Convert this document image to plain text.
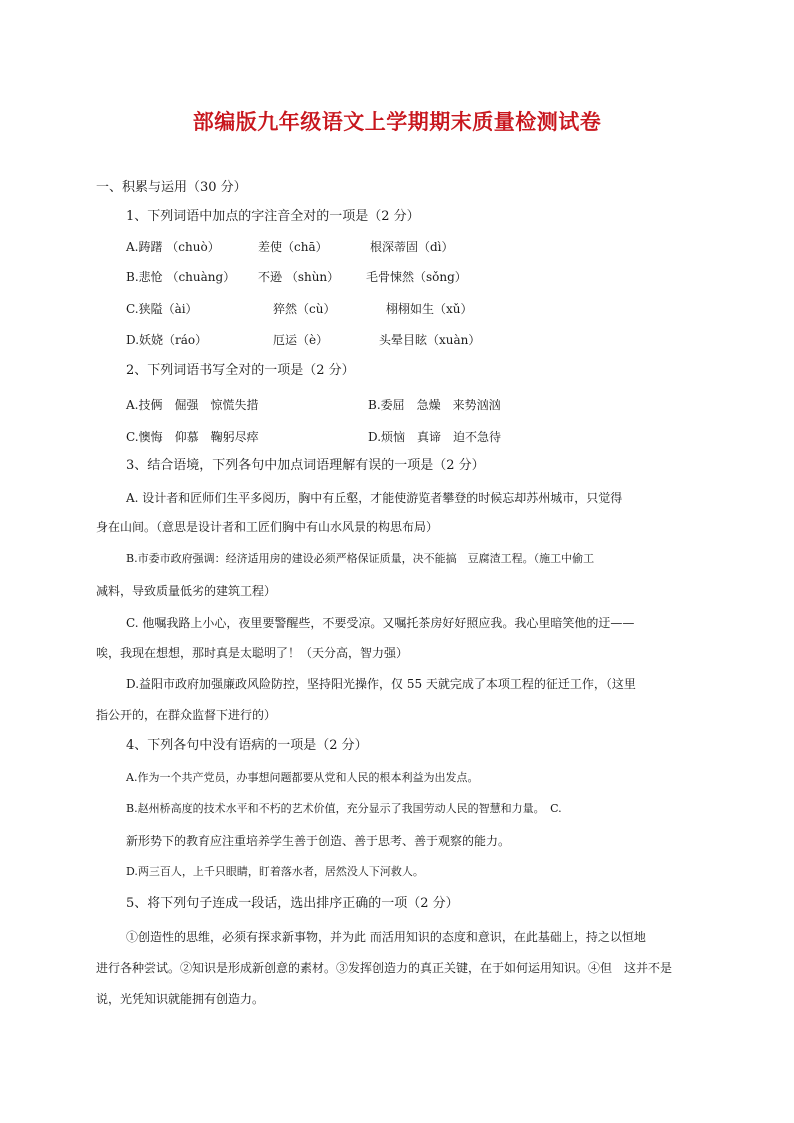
部编版九年级语文上学期期末质量检测试卷
一、积累与运用（30 分）
1、下列词语中加点的字注音全对的一项是（2 分）
A.踌躇 （chuò）	差使（chā）	根深蒂固（dì）
B.悲怆 （chuàng） 不逊 （shùn） 毛骨悚然（sǒng）
C.狭隘（ài）	猝然（cù）	栩栩如生（xǔ）
D.妖娆（ráo）	厄运（è）	头晕目眩（xuàn）
2、下列词语书写全对的一项是（2 分）
A.技俩　倔强　惊慌失措	B.委屈　急燥　来势汹汹
C.懊悔　仰慕　鞠躬尽瘁	D.烦恼　真谛　迫不急待
3、结合语境，下列各句中加点词语理解有误的一项是（2 分）
A. 设计者和匠师们生平多阅历，胸中有丘壑，才能使游览者攀登的时候忘却苏州城市，只觉得
身在山间。（意思是设计者和工匠们胸中有山水风景的构思布局）
B.市委市政府强调：经济适用房的建设必须严格保证质量，决不能搞　豆腐渣工程。（施工中偷工
减料，导致质量低劣的建筑工程）
C. 他嘱我路上小心，夜里要警醒些，不要受凉。又嘱托茶房好好照应我。我心里暗笑他的迂——
唉，我现在想想，那时真是太聪明了！（天分高，智力强）
D.益阳市政府加强廉政风险防控，坚持阳光操作，仅 55 天就完成了本项工程的征迁工作，（这里
指公开的，在群众监督下进行的）
4、下列各句中没有语病的一项是（2 分）
A.作为一个共产党员，办事想问题都要从党和人民的根本利益为出发点。
B.赵州桥高度的技术水平和不朽的艺术价值，充分显示了我国劳动人民的智慧和力量。　C.
新形势下的教育应注重培养学生善于创造、善于思考、善于观察的能力。
D.两三百人，上千只眼睛，盯着落水者，居然没人下河救人。
5、将下列句子连成一段话，选出排序正确的一项（2 分）
①创造性的思维，必须有探求新事物，并为此 而活用知识的态度和意识，在此基础上，持之以恒地
进行各种尝试。②知识是形成新创意的素材。③发挥创造力的真正关键，在于如何运用知识。④但　这并不是
说，光凭知识就能拥有创造力。
